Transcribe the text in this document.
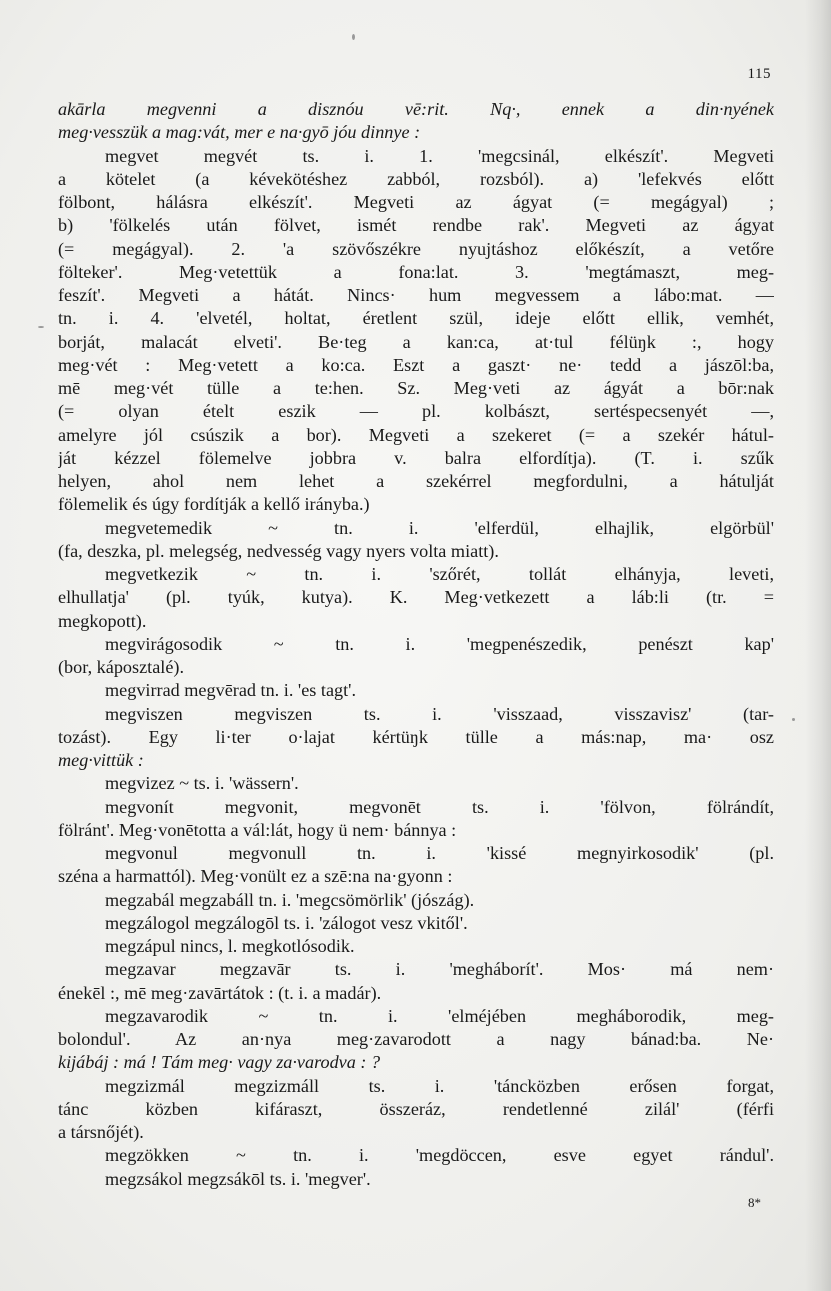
115
akārla megvenni a disznóu vē:rit. Nq·, ennek a din·nyének
meg·vesszük a mag:vát, mer e na·gyō jóu dinnye :
megvet megvét ts. i. 1. 'megcsinál, elkészít'. Megveti
a kötelet (a kévekötéshez zabból, rozsból). a) 'lefekvés előtt
fölbont, hálásra elkészít'. Megveti az ágyat (= megágyal) ;
b) 'fölkelés után fölvet, ismét rendbe rak'. Megveti az ágyat
(= megágyal). 2. 'a szövőszékre nyujtáshoz előkészít, a vetőre
fölteker'. Meg·vetettük a fona:lat. 3. 'megtámaszt, meg-
feszít'. Megveti a hátát. Nincs· hum megvessem a lábo:mat. —
tn. i. 4. 'elvetél, holtat, éretlent szül, ideje előtt ellik, vemhét,
borját, malacát elveti'. Be·teg a kan:ca, at·tul félüŋk :, hogy
meg·vét : Meg·vetett a ko:ca. Eszt a gaszt· ne· tedd a jászōl:ba,
mē meg·vét tülle a te:hen. Sz. Meg·veti az ágyát a bōr:nak
(= olyan ételt eszik — pl. kolbászt, sertéspecsenyét —,
amelyre jól csúszik a bor). Megveti a szekeret (= a szekér hátul-
ját kézzel fölemelve jobbra v. balra elfordítja). (T. i. szűk
helyen, ahol nem lehet a szekérrel megfordulni, a hátulját
fölemelik és úgy fordítják a kellő irányba.)
megvetemedik ~ tn. i. 'elferdül, elhajlik, elgörbül'
(fa, deszka, pl. melegség, nedvesség vagy nyers volta miatt).
megvetkezik ~ tn. i. 'szőrét, tollát elhányja, leveti,
elhullatja' (pl. tyúk, kutya). K. Meg·vetkezett a láb:li (tr. =
megkopott).
megvirágosodik ~ tn. i. 'megpenészedik, penészt kap'
(bor, káposztalé).
megvirrad megvērad tn. i. 'es tagt'.
megviszen megviszen ts. i. 'visszaad, visszavisz' (tar-
tozást). Egy li·ter o·lajat kértüŋk tülle a más:nap, ma· osz
meg·vittük :
megvizez ~ ts. i. 'wässern'.
megvonít megvonit, megvonēt ts. i. 'fölvon, fölrándít,
fölránt'. Meg·vonētotta a vál:lát, hogy ü nem· bánnya :
megvonul megvonull tn. i. 'kissé megnyirkosodik' (pl.
széna a harmattól). Meg·vonült ez a szē:na na·gyonn :
megzabál megzabáll tn. i. 'megcsömörlik' (jószág).
megzálogol megzálogōl ts. i. 'zálogot vesz vkitől'.
megzápul nincs, l. megkotlósodik.
megzavar megzavār ts. i. 'megháborít'. Mos· má nem·
énekēl :, mē meg·zavārtátok : (t. i. a madár).
megzavarodik ~ tn. i. 'elméjében megháborodik, meg-
bolondul'. Az an·nya meg·zavarodott a nagy bánad:ba. Ne·
kijábáj : má ! Tám meg· vagy za·varodva : ?
megzizmál megzizmáll ts. i. 'táncközben erősen forgat,
tánc közben kifáraszt, összeráz, rendetlenné zilál' (férfi
a társnőjét).
megzökken ~ tn. i. 'megdöccen, esve egyet rándul'.
megzsákol megzsákōl ts. i. 'megver'.
8*
